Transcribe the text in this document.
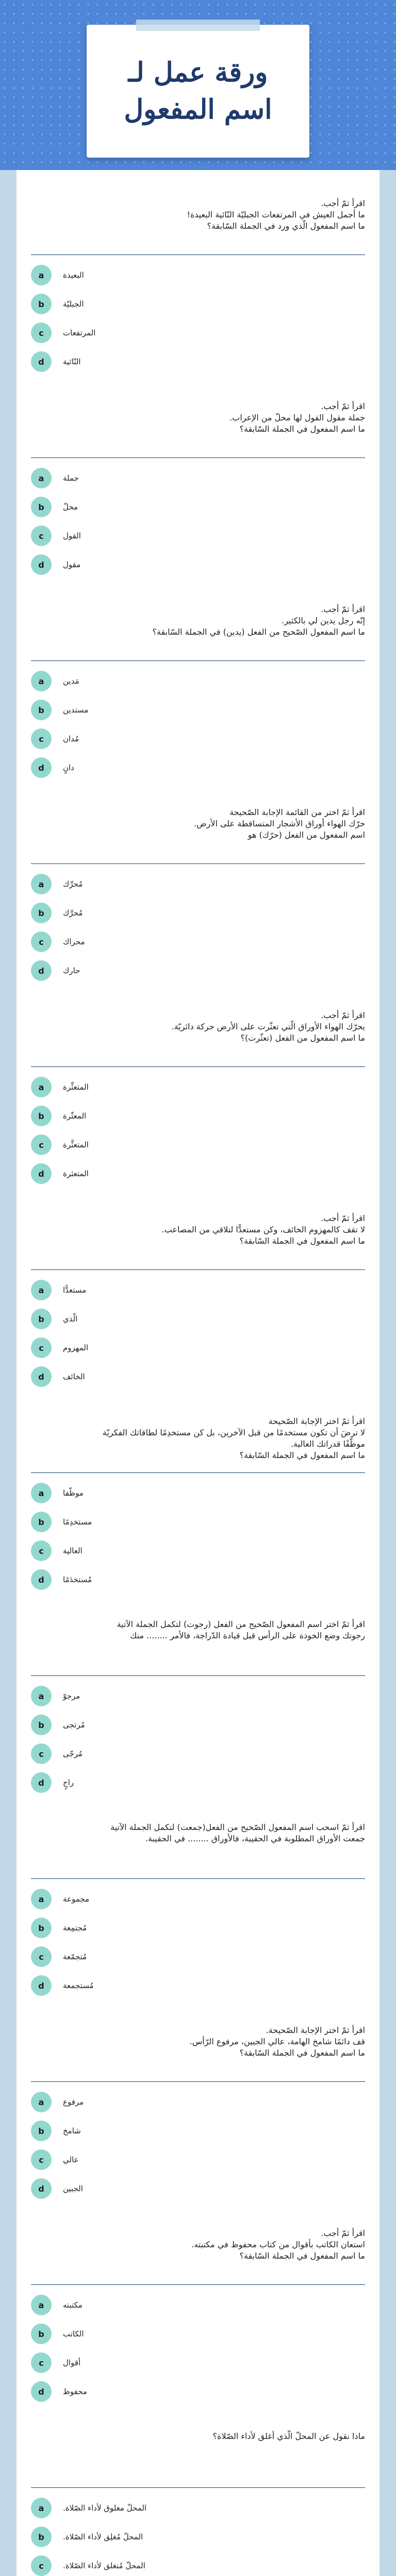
ورقة عمل لـ اسم المفعول
اقرأ ثمّ أجب.
ما أجمل العيش في المرتفعات الجبليّة النّائية البعيدة!
ما اسم المفعول الّذي ورد في الجملة السّابقة؟
a	البعيدة
b	الجبليّة
c	المرتفعات
d	النّائية
اقرأ ثمّ أجب.
جملة مقول القول لها محلّ من الإعراب.
ما اسم المفعول في الجملة السّابقة؟
a	جملة
b	محلّ
c	القول
d	مقول
اقرأ ثمّ أجب.
إنّه رجل يدين لي بالكثير.
ما اسم المفعول الصّحيح من الفعل (يدين) في الجملة السّابقة؟
a	مَدين
b	مستدين
c	مُدان
d	دانٍ
اقرأ ثمّ اختر من القائمة الإجابة الصّحيحة
حرّك الهواء أوراق الأشجار المتساقطة على الأرض.
اسم المفعول من الفعل (حرّك) هو
a	مُحرِّك
b	مُحرَّك
c	محراك
d	حارك
اقرأ ثمّ أجب.
يحرّك الهواء الأوراق الّتي تعثّرت على الأرض حركة دائريّة.
ما اسم المفعول من الفعل (تعثّرت)؟
a	المتعثِّرة
b	المعثّرة
c	المتعثَّرة
d	المتعثرة
اقرأ ثمّ أجب.
لا تقف كالمهزوم الخائف، وكن مستعدًّا لتلاقي من المصاعب.
ما اسم المفعول في الجملة السّابقة؟
a	مستعدًّا
b	الّذي
c	المهزوم
d	الخائف
اقرأ ثمّ اختر الإجابة الصّحيحة
لا ترضَ أن تكون مستخدمًا من قبل الآخرين، بل كن مستخدِمًا لطاقاتك الفكريّة
موظّفًا قدراتك العالية.
ما اسم المفعول في الجملة السّابقة؟
a	موظّفا
b	مستخدِمًا
c	العالية
d	مُستخدَمًا
اقرأ ثمّ اختر اسم المفعول الصّحيح من الفعل (رجوت) لتكمل الجملة الآتية
رجوتك وضع الخوذة على الرأس قبل قيادة الدّراجة، فالأمر ........ منك
a	مرجوّ
b	مُرتجى
c	مُرجّى
d	راجٍ
اقرأ ثمّ اسحب اسم المفعول الصّحيح من الفعل(جمعت) لتكمل الجملة الآتية
جمعت الأوراق المطلوبة في الحقيبة، فالأوراق ........ في الحقيبة.
a	مجموعة
b	مُجتمِعة
c	مُتجمّعة
d	مُستجمعة
اقرأ ثمّ اختر الإجابة الصّحيحة.
قف دائمًا شامخ الهامة، عالي الجبين، مرفوع الرّأس.
ما اسم المفعول في الجملة السّابقة؟
a	مرفوع
b	شامخ
c	عالي
d	الجبين
اقرأ ثمّ أجب.
استعان الكاتب بأقوال من كتاب محفوظ في مكتبته.
ما اسم المفعول في الجملة السّابقة؟
a	مكتبته
b	الكاتب
c	أقوال
d	محفوظ
ماذا نقول عن المحلّ الّذي أغلق لأداء الصّلاة؟
a	المحلّ مغلوق لأداء الصّلاة.
b	المحلّ مُغلِق لأداء الصّلاة.
c	المحلّ مُنغلق لأداء الصّلاة.
